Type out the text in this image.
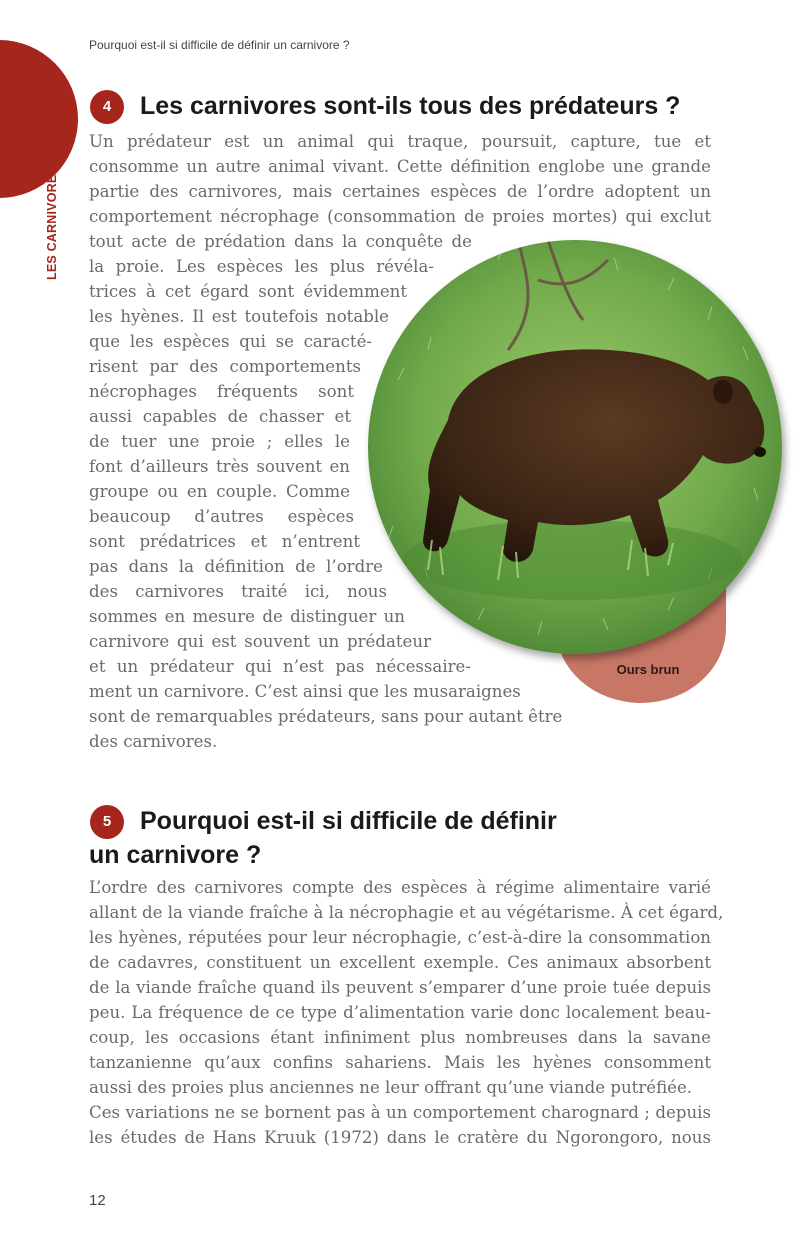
LES CARNIVORES ET LA SCIENCE
Pourquoi est-il si difficile de définir un carnivore ?
4	Les carnivores sont-ils tous des prédateurs ?
Ours brun
Un prédateur est un animal qui traque, poursuit, capture, tue et
consomme un autre animal vivant. Cette définition englobe une grande
partie des carnivores, mais certaines espèces de l’ordre adoptent un
comportement nécrophage (consommation de proies mortes) qui exclut
tout acte de prédation dans la conquête de
la proie. Les espèces les plus révéla-
trices à cet égard sont évidemment
les hyènes. Il est toutefois notable
que les espèces qui se caracté-
risent par des comportements
nécrophages fréquents sont
aussi capables de chasser et
de tuer une proie ; elles le
font d’ailleurs très souvent en
groupe ou en couple. Comme
beaucoup d’autres espèces
sont prédatrices et n’entrent
pas dans la définition de l’ordre
des carnivores traité ici, nous
sommes en mesure de distinguer un
carnivore qui est souvent un prédateur
et un prédateur qui n’est pas nécessaire-
ment un carnivore. C’est ainsi que les musaraignes
sont de remarquables prédateurs, sans pour autant être
des carnivores.
5	Pourquoi est-il si difficile de définir
un carnivore ?
L’ordre des carnivores compte des espèces à régime alimentaire varié
allant de la viande fraîche à la nécrophagie et au végétarisme. À cet égard,
les hyènes, réputées pour leur nécrophagie, c’est-à-dire la consommation
de cadavres, constituent un excellent exemple. Ces animaux absorbent
de la viande fraîche quand ils peuvent s’emparer d’une proie tuée depuis
peu. La fréquence de ce type d’alimentation varie donc localement beau-
coup, les occasions étant infiniment plus nombreuses dans la savane
tanzanienne qu’aux confins sahariens. Mais les hyènes consomment
aussi des proies plus anciennes ne leur offrant qu’une viande putréfiée.
Ces variations ne se bornent pas à un comportement charognard ; depuis
les études de Hans Kruuk (1972) dans le cratère du Ngorongoro, nous
12
